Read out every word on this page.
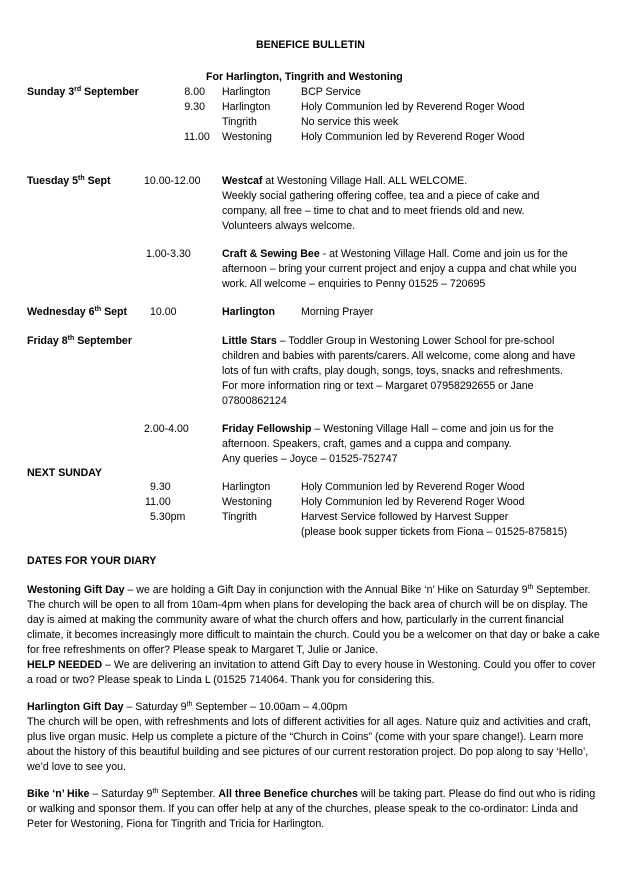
BENEFICE BULLETIN
For Harlington, Tingrith and Westoning
Sunday 3rd September	8.00 Harlington	BCP Service
9.30 Harlington	Holy Communion led by Reverend Roger Wood
Tingrith	No service this week
11.00 Westoning	Holy Communion led by Reverend Roger Wood
Tuesday 5th Sept	10.00-12.00 Westcaf at Westoning Village Hall. ALL WELCOME.
Weekly social gathering offering coffee, tea and a piece of cake and
company, all free – time to chat and to meet friends old and new.
Volunteers always welcome.
1.00-3.30	Craft & Sewing Bee - at Westoning Village Hall. Come and join us for the
afternoon – bring your current project and enjoy a cuppa and chat while you
work. All welcome – enquiries to Penny 01525 – 720695
Wednesday 6th Sept 10.00	Harlington Morning Prayer
Friday 8th September	Little Stars – Toddler Group in Westoning Lower School for pre-school
children and babies with parents/carers. All welcome, come along and have
lots of fun with crafts, play dough, songs, toys, snacks and refreshments.
For more information ring or text – Margaret 07958292655 or Jane
07800862124
2.00-4.00	Friday Fellowship – Westoning Village Hall – come and join us for the
afternoon. Speakers, craft, games and a cuppa and company.
Any queries – Joyce – 01525-752747
NEXT SUNDAY
9.30	Harlington	Holy Communion led by Reverend Roger Wood
11.00	Westoning	Holy Communion led by Reverend Roger Wood
5.30pm	Tingrith	Harvest Service followed by Harvest Supper
(please book supper tickets from Fiona – 01525-875815)
DATES FOR YOUR DIARY

Westoning Gift Day – we are holding a Gift Day in conjunction with the Annual Bike ‘n’ Hike on Saturday 9th September. The church will be open to all from 10am-4pm when plans for developing the back area of church will be on display. The day is aimed at making the community aware of what the church offers and how, particularly in the current financial climate, it becomes increasingly more difficult to maintain the church. Could you be a welcomer on that day or bake a cake for free refreshments on offer? Please speak to Margaret T, Julie or Janice.
HELP NEEDED – We are delivering an invitation to attend Gift Day to every house in Westoning. Could you offer to cover a road or two? Please speak to Linda L (01525 714064. Thank you for considering this.

Harlington Gift Day – Saturday 9th September – 10.00am – 4.00pm
The church will be open, with refreshments and lots of different activities for all ages. Nature quiz and activities and craft, plus live organ music. Help us complete a picture of the “Church in Coins” (come with your spare change!). Learn more about the history of this beautiful building and see pictures of our current restoration project. Do pop along to say ‘Hello’, we’d love to see you.

Bike ‘n’ Hike – Saturday 9th September. All three Benefice churches will be taking part. Please do find out who is riding or walking and sponsor them. If you can offer help at any of the churches, please speak to the co-ordinator: Linda and Peter for Westoning, Fiona for Tingrith and Tricia for Harlington.
